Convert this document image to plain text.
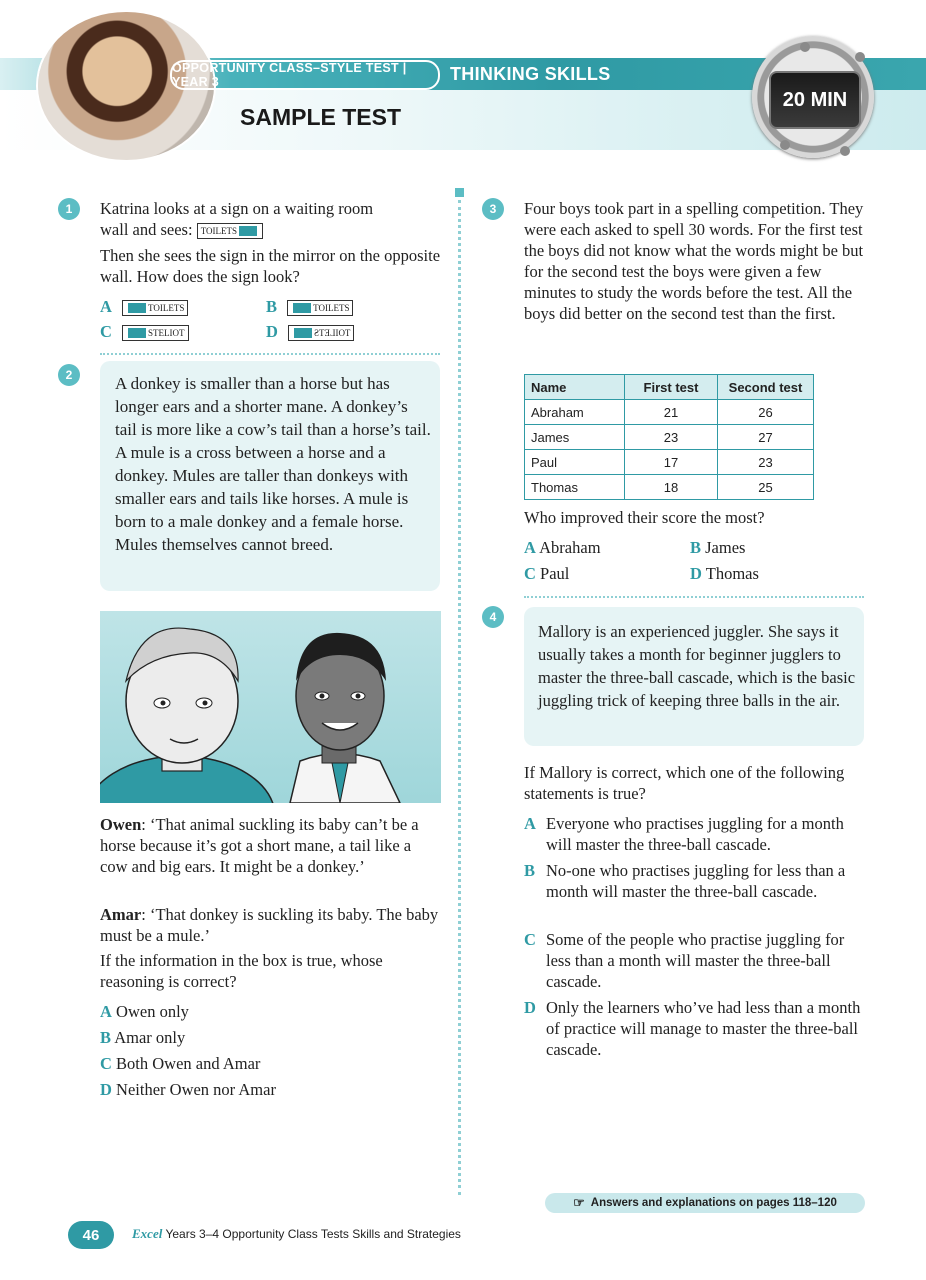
OPPORTUNITY CLASS–STYLE TEST | YEAR 3	THINKING SKILLS
SAMPLE TEST
20 MIN
1	Katrina looks at a sign on a waiting room
wall and sees: TOILETS
Then she sees the sign in the mirror on the opposite wall. How does the sign look?
A	TOILETS	B	TOILETS
C	STELIOT	D	TOILETS
2	A donkey is smaller than a horse but has longer ears and a shorter mane. A donkey’s tail is more like a cow’s tail than a horse’s tail. A mule is a cross between a horse and a donkey. Mules are taller than donkeys with smaller ears and tails like horses. A mule is born to a male donkey and a female horse. Mules themselves cannot breed.
Owen: ‘That animal suckling its baby can’t be a horse because it’s got a short mane, a tail like a cow and big ears. It might be a donkey.’
Amar: ‘That donkey is suckling its baby. The baby must be a mule.’
If the information in the box is true, whose reasoning is correct?
A Owen only
B Amar only
C Both Owen and Amar
D Neither Owen nor Amar
3	Four boys took part in a spelling competition. They were each asked to spell 30 words. For the first test the boys did not know what the words might be but for the second test the boys were given a few minutes to study the words before the test. All the boys did better on the second test than the first.
Name	First test	Second test
Abraham	21	26
James	23	27
Paul	17	23
Thomas	18	25
Who improved their score the most?
A Abraham	B James
C Paul	D Thomas
4
Mallory is an experienced juggler. She says it usually takes a month for beginner jugglers to master the three-ball cascade, which is the basic juggling trick of keeping three balls in the air.
If Mallory is correct, which one of the following statements is true?
A Everyone who practises juggling for a month will master the three-ball cascade.
B No-one who practises juggling for less than a month will master the three-ball cascade.
C Some of the people who practise juggling for less than a month will master the three-ball cascade.
D Only the learners who’ve had less than a month of practice will manage to master the three-ball cascade.
☞ Answers and explanations on pages 118–120
46	Excel Years 3–4 Opportunity Class Tests Skills and Strategies
